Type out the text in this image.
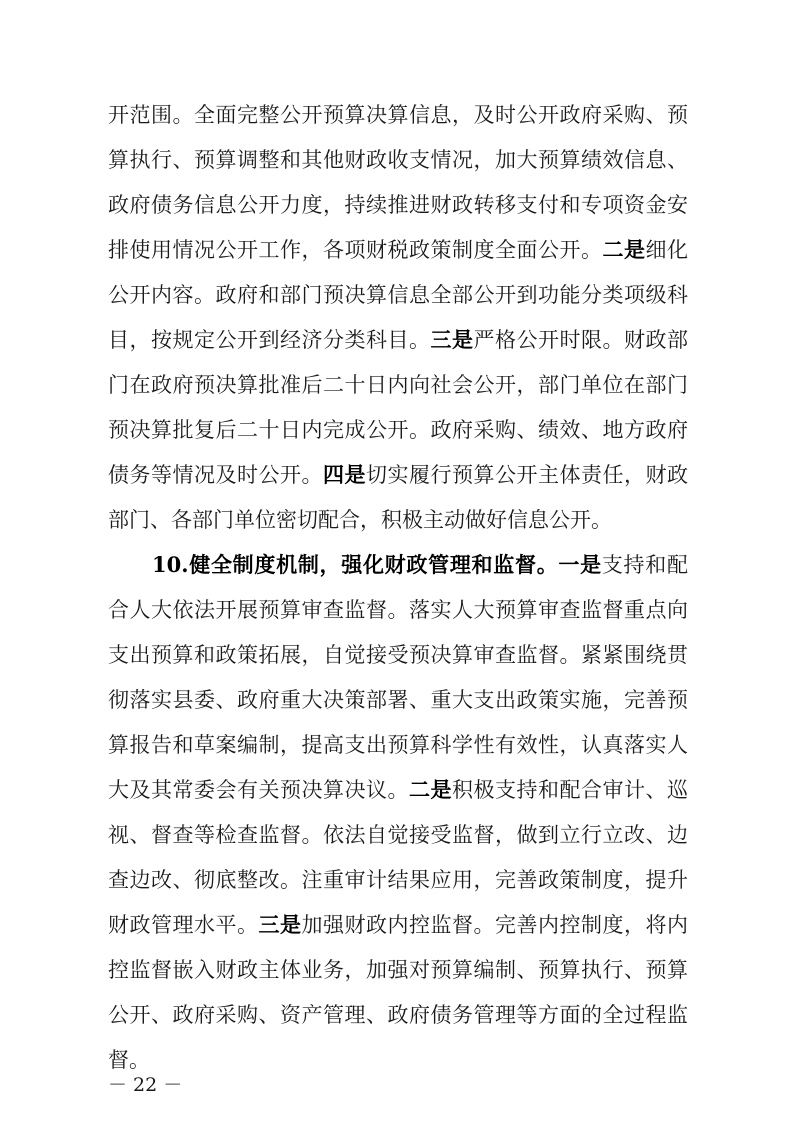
开范围。全面完整公开预算决算信息，及时公开政府采购、预
算执行、预算调整和其他财政收支情况，加大预算绩效信息、
政府债务信息公开力度，持续推进财政转移支付和专项资金安
排使用情况公开工作，各项财税政策制度全面公开。二是细化
公开内容。政府和部门预决算信息全部公开到功能分类项级科
目，按规定公开到经济分类科目。三是严格公开时限。财政部
门在政府预决算批准后二十日内向社会公开，部门单位在部门
预决算批复后二十日内完成公开。政府采购、绩效、地方政府
债务等情况及时公开。四是切实履行预算公开主体责任，财政
部门、各部门单位密切配合，积极主动做好信息公开。
10.健全制度机制，强化财政管理和监督。一是支持和配
合人大依法开展预算审查监督。落实人大预算审查监督重点向
支出预算和政策拓展，自觉接受预决算审查监督。紧紧围绕贯
彻落实县委、政府重大决策部署、重大支出政策实施，完善预
算报告和草案编制，提高支出预算科学性有效性，认真落实人
大及其常委会有关预决算决议。二是积极支持和配合审计、巡
视、督查等检查监督。依法自觉接受监督，做到立行立改、边
查边改、彻底整改。注重审计结果应用，完善政策制度，提升
财政管理水平。三是加强财政内控监督。完善内控制度，将内
控监督嵌入财政主体业务，加强对预算编制、预算执行、预算
公开、政府采购、资产管理、政府债务管理等方面的全过程监
督。
－ 22 －
